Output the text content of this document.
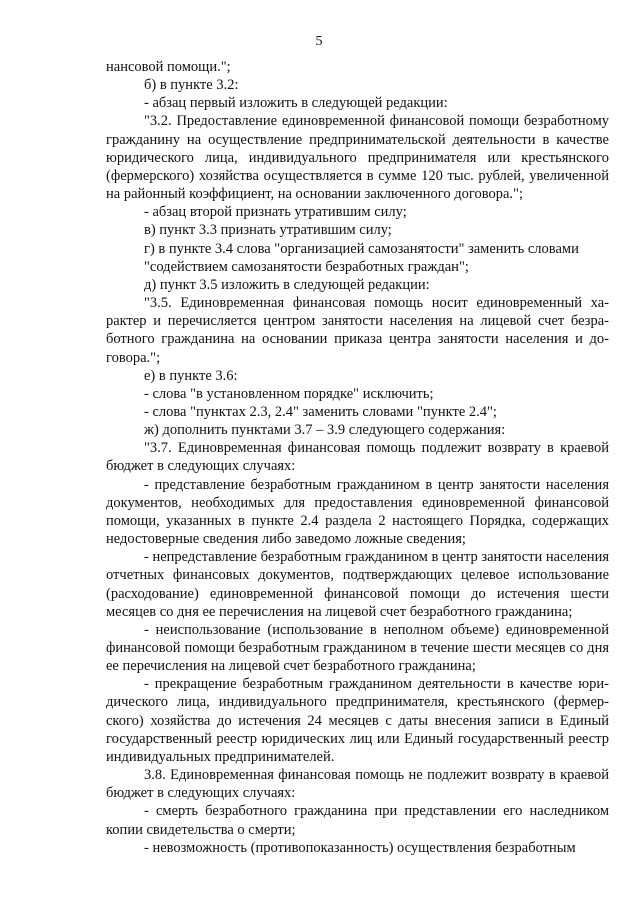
5

нансовой помощи.";

б) в пункте 3.2:

- абзац первый изложить в следующей редакции:

"3.2. Предоставление единовременной финансовой помощи безработному гражданину на осуществление предпринимательской деятельности в качестве юридического лица, индивидуального предпринимателя или крестьянского (фермерского) хозяйства осуществляется в сумме 120 тыс. рублей, увеличенной на районный коэффициент, на основании заключенного договора.";

- абзац второй признать утратившим силу;

в) пункт 3.3 признать утратившим силу;

г) в пункте 3.4 слова "организацией самозанятости" заменить словами

"содействием самозанятости безработных граждан";

д) пункт 3.5 изложить в следующей редакции:

"3.5. Единовременная финансовая помощь носит единовременный характер и перечисляется центром занятости населения на лицевой счет безработного гражданина на основании приказа центра занятости населения и договора.";

е) в пункте 3.6:

- слова "в установленном порядке" исключить;

- слова "пунктах 2.3, 2.4" заменить словами "пункте 2.4";

ж) дополнить пунктами 3.7 – 3.9 следующего содержания:

"3.7. Единовременная финансовая помощь подлежит возврату в краевой бюджет в следующих случаях:

- представление безработным гражданином в центр занятости населения документов, необходимых для предоставления единовременной финансовой помощи, указанных в пункте 2.4 раздела 2 настоящего Порядка, содержащих недостоверные сведения либо заведомо ложные сведения;

- непредставление безработным гражданином в центр занятости населения отчетных финансовых документов, подтверждающих целевое использование (расходование) единовременной финансовой помощи до истечения шести месяцев со дня ее перечисления на лицевой счет безработного гражданина;

- неиспользование (использование в неполном объеме) единовременной финансовой помощи безработным гражданином в течение шести месяцев со дня ее перечисления на лицевой счет безработного гражданина;

- прекращение безработным гражданином деятельности в качестве юридического лица, индивидуального предпринимателя, крестьянского (фермерского) хозяйства до истечения 24 месяцев с даты внесения записи в Единый государственный реестр юридических лиц или Единый государственный реестр индивидуальных предпринимателей.

3.8. Единовременная финансовая помощь не подлежит возврату в краевой бюджет в следующих случаях:

- смерть безработного гражданина при представлении его наследником копии свидетельства о смерти;

- невозможность (противопоказанность) осуществления безработным
